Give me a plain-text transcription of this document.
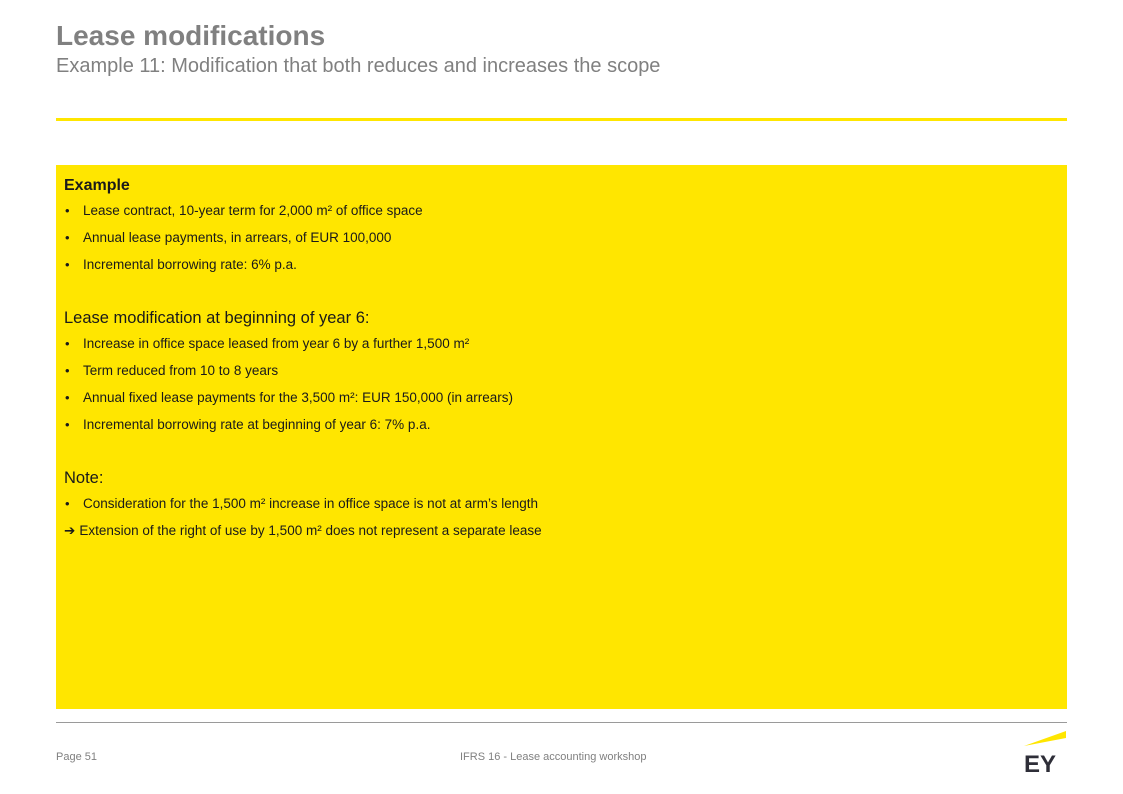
Lease modifications
Example 11: Modification that both reduces and increases the scope
Example
• Lease contract, 10-year term for 2,000 m² of office space
• Annual lease payments, in arrears, of EUR 100,000
• Incremental borrowing rate: 6% p.a.
Lease modification at beginning of year 6:
• Increase in office space leased from year 6 by a further 1,500 m²
• Term reduced from 10 to 8 years
• Annual fixed lease payments for the 3,500 m²: EUR 150,000 (in arrears)
• Incremental borrowing rate at beginning of year 6: 7% p.a.
Note:
• Consideration for the 1,500 m² increase in office space is not at arm’s length
➔ Extension of the right of use by 1,500 m² does not represent a separate lease
Page 51	IFRS 16 - Lease accounting workshop	EY
